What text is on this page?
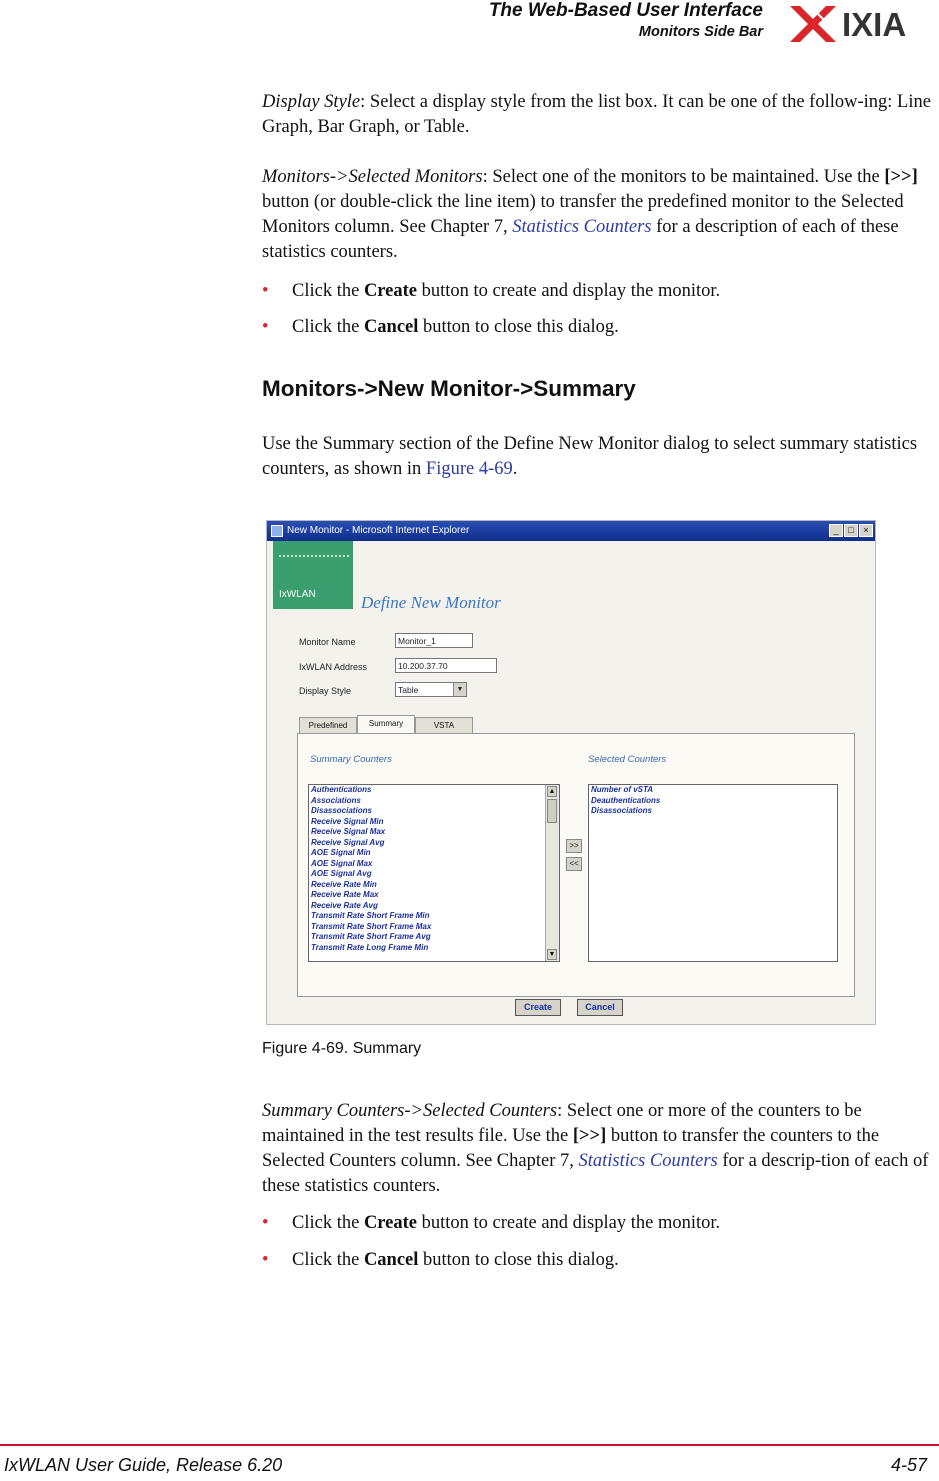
The Web-Based User Interface
Monitors Side Bar IXIA

Display Style: Select a display style from the list box. It can be one of the follow-ing: Line Graph, Bar Graph, or Table.

Monitors->Selected Monitors: Select one of the monitors to be maintained. Use the [>>] button (or double-click the line item) to transfer the predefined monitor to the Selected Monitors column. See Chapter 7, Statistics Counters for a description of each of these statistics counters.

• Click the Create button to create and display the monitor.
• Click the Cancel button to close this dialog.
Monitors->New Monitor->Summary

Use the Summary section of the Define New Monitor dialog to select summary statistics counters, as shown in Figure 4-69.

New Monitor - Microsoft Internet Explorer	_	□	×
IxWLAN	Define New Monitor
Monitor Name	Monitor_1
IxWLAN Address	10.200.37.70
Display Style	Table	▼
Predefined	Summary	VSTA
Summary Counters	Selected Counters
Authentications
Associations
Disassociations
Receive Signal Min
Receive Signal Max
Receive Signal Avg
AOE Signal Min
AOE Signal Max
AOE Signal Avg
Receive Rate Min
Receive Rate Max
Receive Rate Avg
Transmit Rate Short Frame Min
Transmit Rate Short Frame Max
Transmit Rate Short Frame Avg
Transmit Rate Long Frame Min
▲
▼
>>
<<
Number of vSTA
Deauthentications
Disassociations
Create	Cancel
Figure 4-69. Summary

Summary Counters->Selected Counters: Select one or more of the counters to be maintained in the test results file. Use the [>>] button to transfer the counters to the Selected Counters column. See Chapter 7, Statistics Counters for a descrip-tion of each of these statistics counters.

• Click the Create button to create and display the monitor.
• Click the Cancel button to close this dialog.
IxWLAN User Guide, Release 6.20	4-57
